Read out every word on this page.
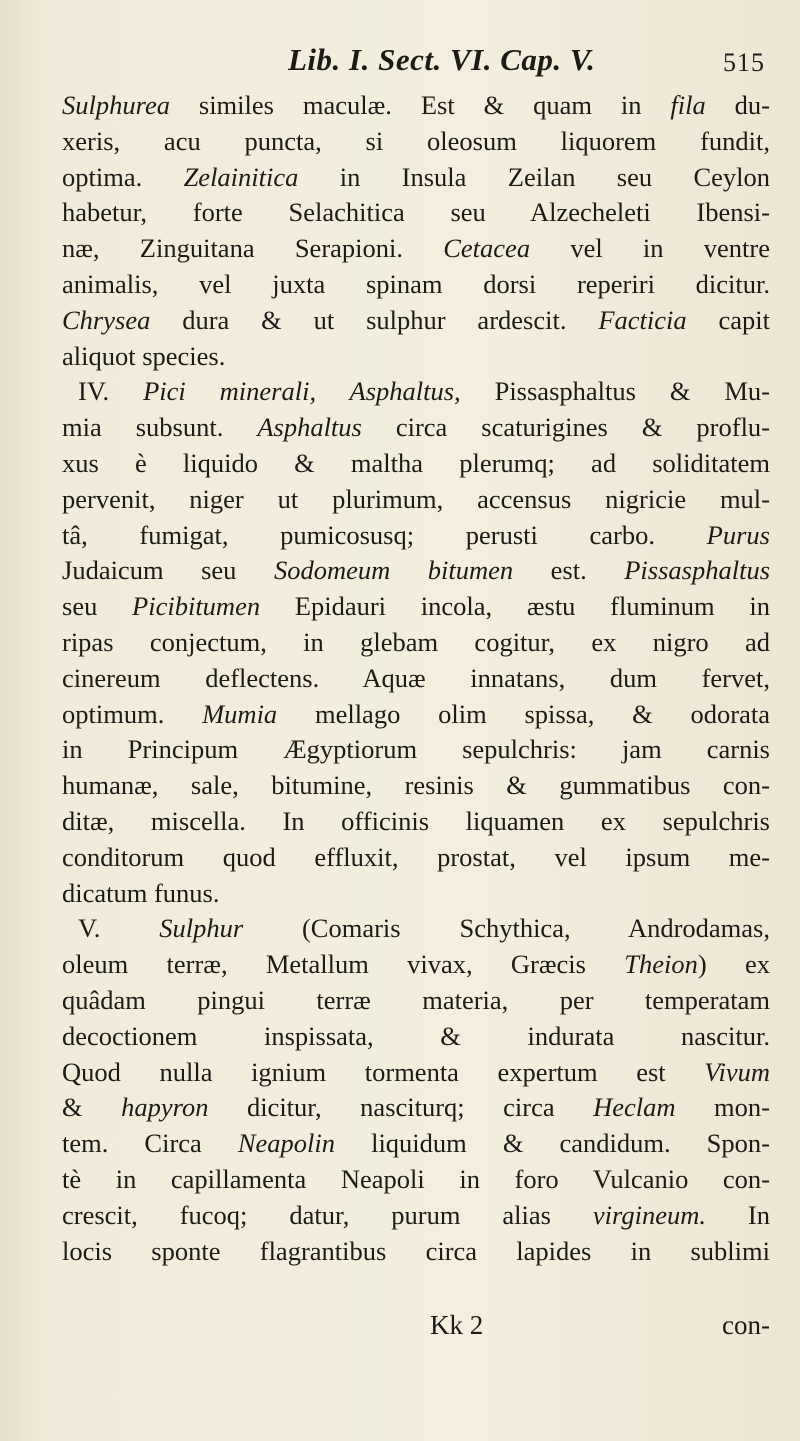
Lib. I. Sect. VI. Cap. V.	515
Sulphurea similes maculæ. Est & quam in fila du-
xeris, acu puncta, si oleosum liquorem fundit,
optima. Zelainitica in Insula Zeilan seu Ceylon
habetur, forte Selachitica seu Alzecheleti Ibensi-
næ, Zinguitana Serapioni. Cetacea vel in ventre
animalis, vel juxta spinam dorsi reperiri dicitur.
Chrysea dura & ut sulphur ardescit. Facticia capit
aliquot species.
IV. Pici minerali, Asphaltus, Pissasphaltus & Mu-
mia subsunt. Asphaltus circa scaturigines & proflu-
xus è liquido & maltha plerumq; ad soliditatem
pervenit, niger ut plurimum, accensus nigricie mul-
tâ, fumigat, pumicosusq; perusti carbo. Purus
Judaicum seu Sodomeum bitumen est. Pissasphaltus
seu Picibitumen Epidauri incola, æstu fluminum in
ripas conjectum, in glebam cogitur, ex nigro ad
cinereum deflectens. Aquæ innatans, dum fervet,
optimum. Mumia mellago olim spissa, & odorata
in Principum Ægyptiorum sepulchris: jam carnis
humanæ, sale, bitumine, resinis & gummatibus con-
ditæ, miscella. In officinis liquamen ex sepulchris
conditorum quod effluxit, prostat, vel ipsum me-
dicatum funus.
V. Sulphur (Comaris Schythica, Androdamas,
oleum terræ, Metallum vivax, Græcis Theion) ex
quâdam pingui terræ materia, per temperatam
decoctionem inspissata, & indurata nascitur.
Quod nulla ignium tormenta expertum est Vivum
& hapyron dicitur, nasciturq; circa Heclam mon-
tem. Circa Neapolin liquidum & candidum. Spon-
tè in capillamenta Neapoli in foro Vulcanio con-
crescit, fucoq; datur, purum alias virgineum. In
locis sponte flagrantibus circa lapides in sublimi
Kk 2	con-
